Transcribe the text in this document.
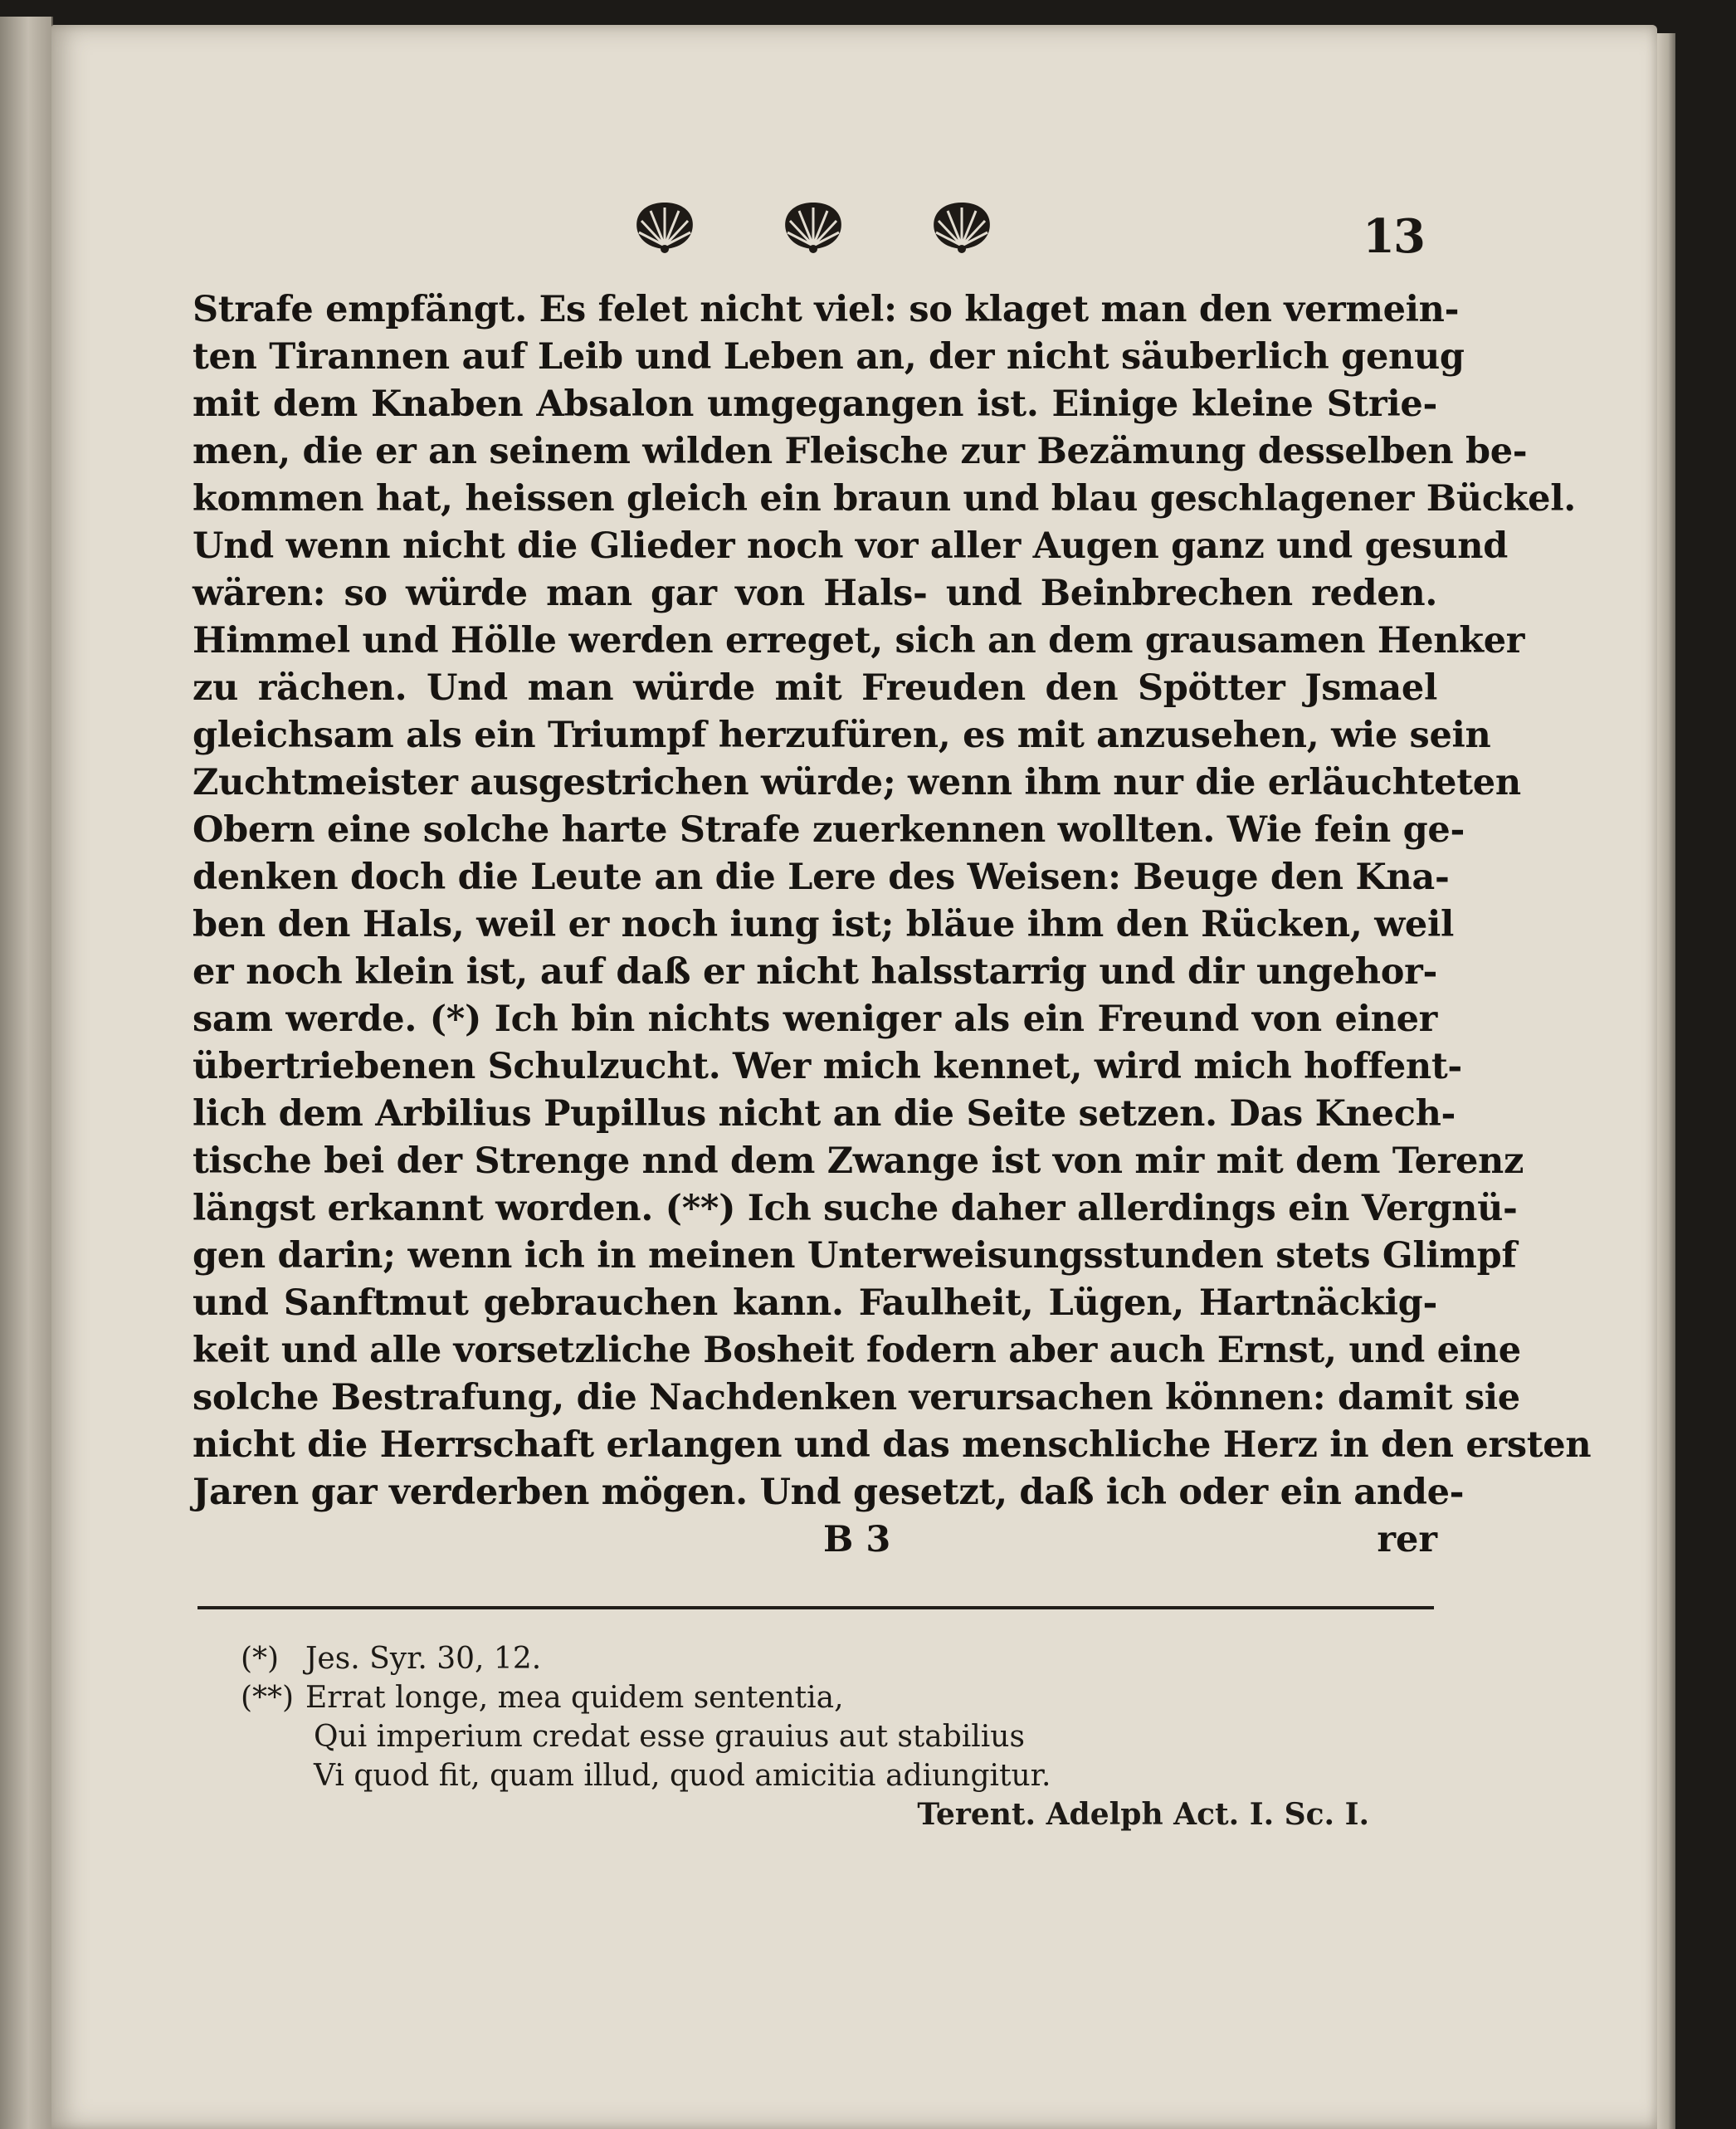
13
Strafe empfängt. Es felet nicht viel: so klaget man den vermein-
ten Tirannen auf Leib und Leben an, der nicht säuberlich genug
mit dem Knaben Absalon umgegangen ist. Einige kleine Strie-
men, die er an seinem wilden Fleische zur Bezämung desselben be-
kommen hat, heissen gleich ein braun und blau geschlagener Bückel.
Und wenn nicht die Glieder noch vor aller Augen ganz und gesund
wären: so würde man gar von Hals- und Beinbrechen reden.
Himmel und Hölle werden erreget, sich an dem grausamen Henker
zu rächen. Und man würde mit Freuden den Spötter Jsmael
gleichsam als ein Triumpf herzufüren, es mit anzusehen, wie sein
Zuchtmeister ausgestrichen würde; wenn ihm nur die erläuchteten
Obern eine solche harte Strafe zuerkennen wollten. Wie fein ge-
denken doch die Leute an die Lere des Weisen: Beuge den Kna-
ben den Hals, weil er noch iung ist; bläue ihm den Rücken, weil
er noch klein ist, auf daß er nicht halsstarrig und dir ungehor-
sam werde. (*) Ich bin nichts weniger als ein Freund von einer
übertriebenen Schulzucht. Wer mich kennet, wird mich hoffent-
lich dem Arbilius Pupillus nicht an die Seite setzen. Das Knech-
tische bei der Strenge nnd dem Zwange ist von mir mit dem Terenz
längst erkannt worden. (**) Ich suche daher allerdings ein Vergnü-
gen darin; wenn ich in meinen Unterweisungsstunden stets Glimpf
und Sanftmut gebrauchen kann. Faulheit, Lügen, Hartnäckig-
keit und alle vorsetzliche Bosheit fodern aber auch Ernst, und eine
solche Bestrafung, die Nachdenken verursachen können: damit sie
nicht die Herrschaft erlangen und das menschliche Herz in den ersten
Jaren gar verderben mögen. Und gesetzt, daß ich oder ein ande-
B 3	rer
(*) Jes. Syr. 30, 12.
(**) Errat longe, mea quidem sententia,
Qui imperium credat esse grauius aut stabilius
Vi quod fit, quam illud, quod amicitia adiungitur.
Terent. Adelph Act. I. Sc. I.
